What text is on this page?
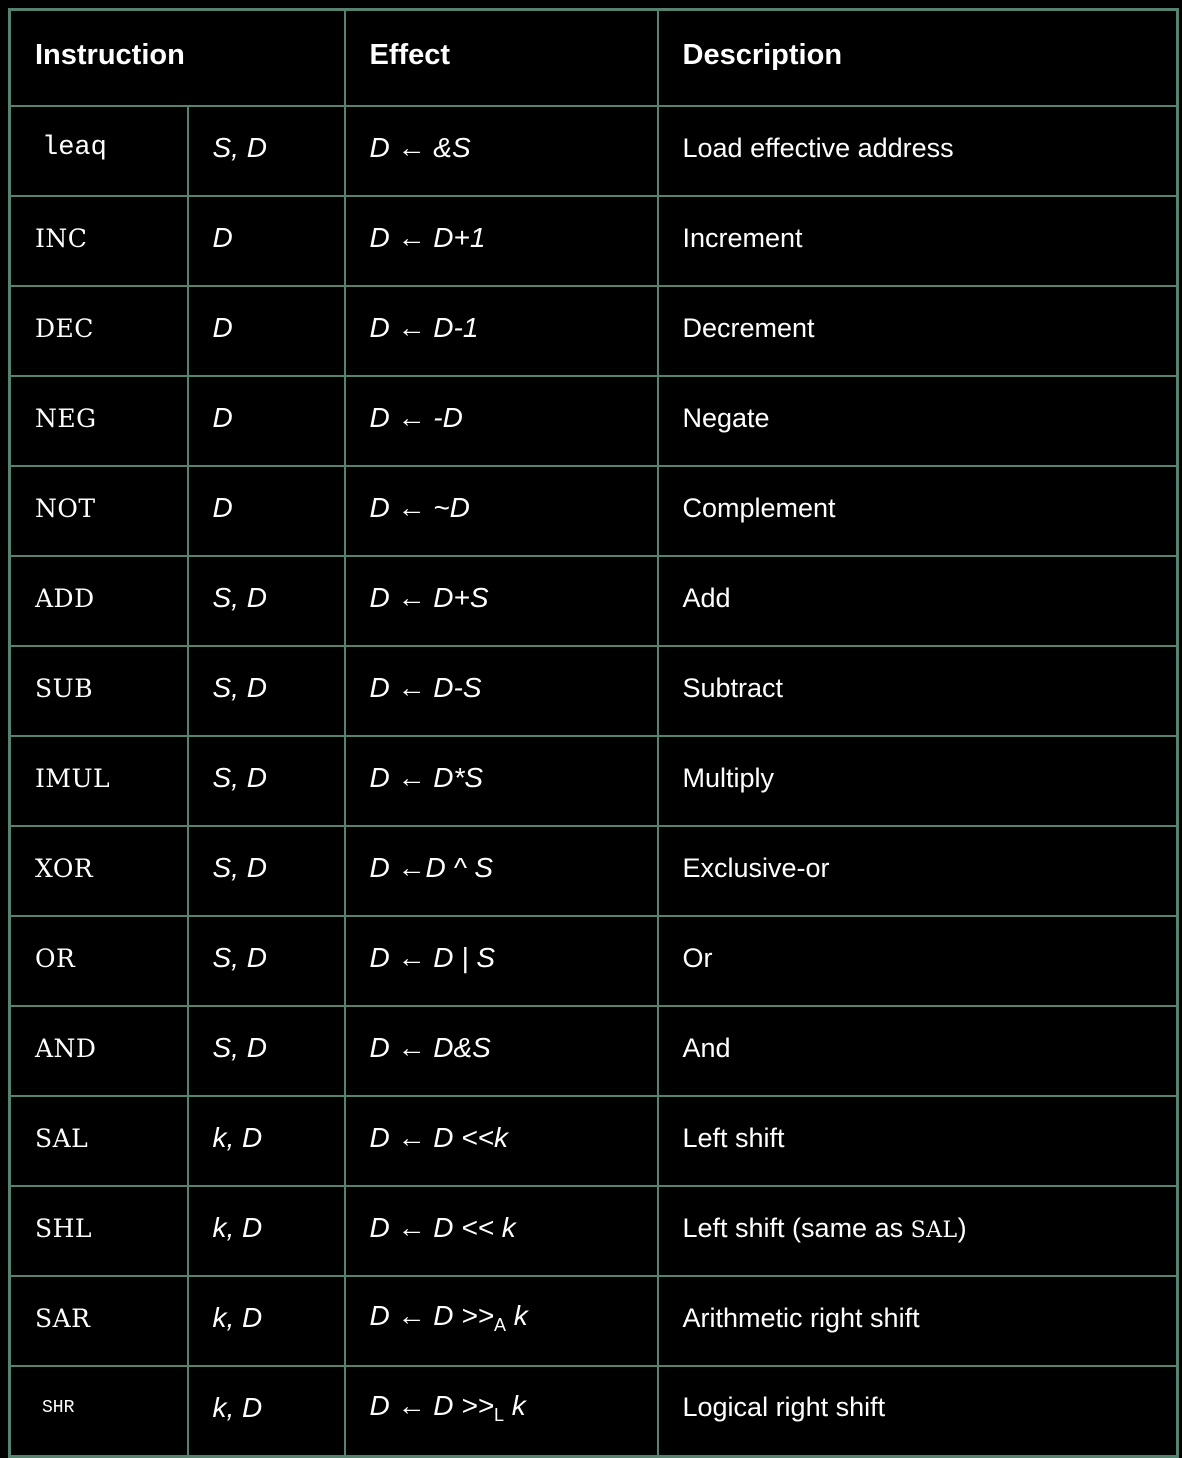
Instruction		Effect	Description
leaq	S, D	D ← &S	Load effective address
INC	D	D ← D+1	Increment
DEC	D	D ← D-1	Decrement
NEG	D	D ← -D	Negate
NOT	D	D ← ~D	Complement
ADD	S, D	D ← D+S	Add
SUB	S, D	D ← D-S	Subtract
IMUL	S, D	D ← D*S	Multiply
XOR	S, D	D ←D ^ S	Exclusive-or
OR	S, D	D ← D | S	Or
AND	S, D	D ← D&S	And
SAL	k, D	D ← D <<k	Left shift
SHL	k, D	D ← D << k	Left shift (same as SAL)
SAR	k, D	D ← $D >>_A$ k	Arithmetic right shift
SHR	k, D	D ← $D >>_L$ k	Logical right shift
